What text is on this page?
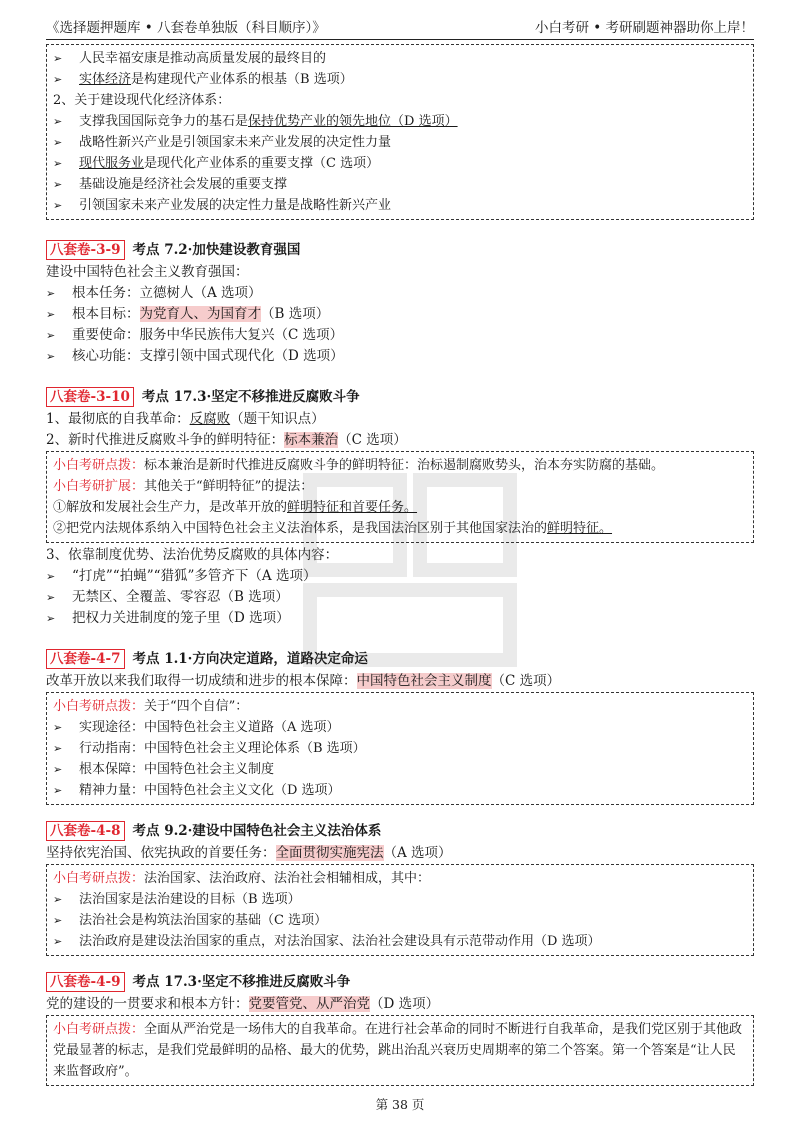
《选择题押题库 • 八套卷单独版（科目顺序）》	小白考研 • 考研刷题神器助你上岸！
➢ 人民幸福安康是推动高质量发展的最终目的
➢ 实体经济是构建现代产业体系的根基（B 选项）
2、关于建设现代化经济体系：
➢ 支撑我国国际竞争力的基石是保持优势产业的领先地位（D 选项）
➢ 战略性新兴产业是引领国家未来产业发展的决定性力量
➢ 现代服务业是现代化产业体系的重要支撑（C 选项）
➢ 基础设施是经济社会发展的重要支撑
➢ 引领国家未来产业发展的决定性力量是战略性新兴产业
八套卷-3-9 考点 7.2·加快建设教育强国
建设中国特色社会主义教育强国：
➢ 根本任务：立德树人（A 选项）
➢ 根本目标：为党育人、为国育才（B 选项）
➢ 重要使命：服务中华民族伟大复兴（C 选项）
➢ 核心功能：支撑引领中国式现代化（D 选项）
八套卷-3-10 考点 17.3·坚定不移推进反腐败斗争
1、最彻底的自我革命：反腐败（题干知识点）
2、新时代推进反腐败斗争的鲜明特征：标本兼治（C 选项）
小白考研点拨：标本兼治是新时代推进反腐败斗争的鲜明特征：治标遏制腐败势头，治本夯实防腐的基础。
小白考研扩展：其他关于“鲜明特征”的提法：
①解放和发展社会生产力，是改革开放的鲜明特征和首要任务。
②把党内法规体系纳入中国特色社会主义法治体系，是我国法治区别于其他国家法治的鲜明特征。
3、依靠制度优势、法治优势反腐败的具体内容：
➢ “打虎”“拍蝇”“猎狐”多管齐下（A 选项）
➢ 无禁区、全覆盖、零容忍（B 选项）
➢ 把权力关进制度的笼子里（D 选项）
八套卷-4-7 考点 1.1·方向决定道路，道路决定命运
改革开放以来我们取得一切成绩和进步的根本保障：中国特色社会主义制度（C 选项）
小白考研点拨：关于“四个自信”：
➢ 实现途径：中国特色社会主义道路（A 选项）
➢ 行动指南：中国特色社会主义理论体系（B 选项）
➢ 根本保障：中国特色社会主义制度
➢ 精神力量：中国特色社会主义文化（D 选项）
八套卷-4-8 考点 9.2·建设中国特色社会主义法治体系
坚持依宪治国、依宪执政的首要任务：全面贯彻实施宪法（A 选项）
小白考研点拨：法治国家、法治政府、法治社会相辅相成，其中：
➢ 法治国家是法治建设的目标（B 选项）
➢ 法治社会是构筑法治国家的基础（C 选项）
➢ 法治政府是建设法治国家的重点，对法治国家、法治社会建设具有示范带动作用（D 选项）
八套卷-4-9 考点 17.3·坚定不移推进反腐败斗争
党的建设的一贯要求和根本方针：党要管党、从严治党（D 选项）
小白考研点拨：全面从严治党是一场伟大的自我革命。在进行社会革命的同时不断进行自我革命，是我们党区别于其他政党最显著的标志，是我们党最鲜明的品格、最大的优势，跳出治乱兴衰历史周期率的第二个答案。第一个答案是“让人民来监督政府”。
第 38 页
